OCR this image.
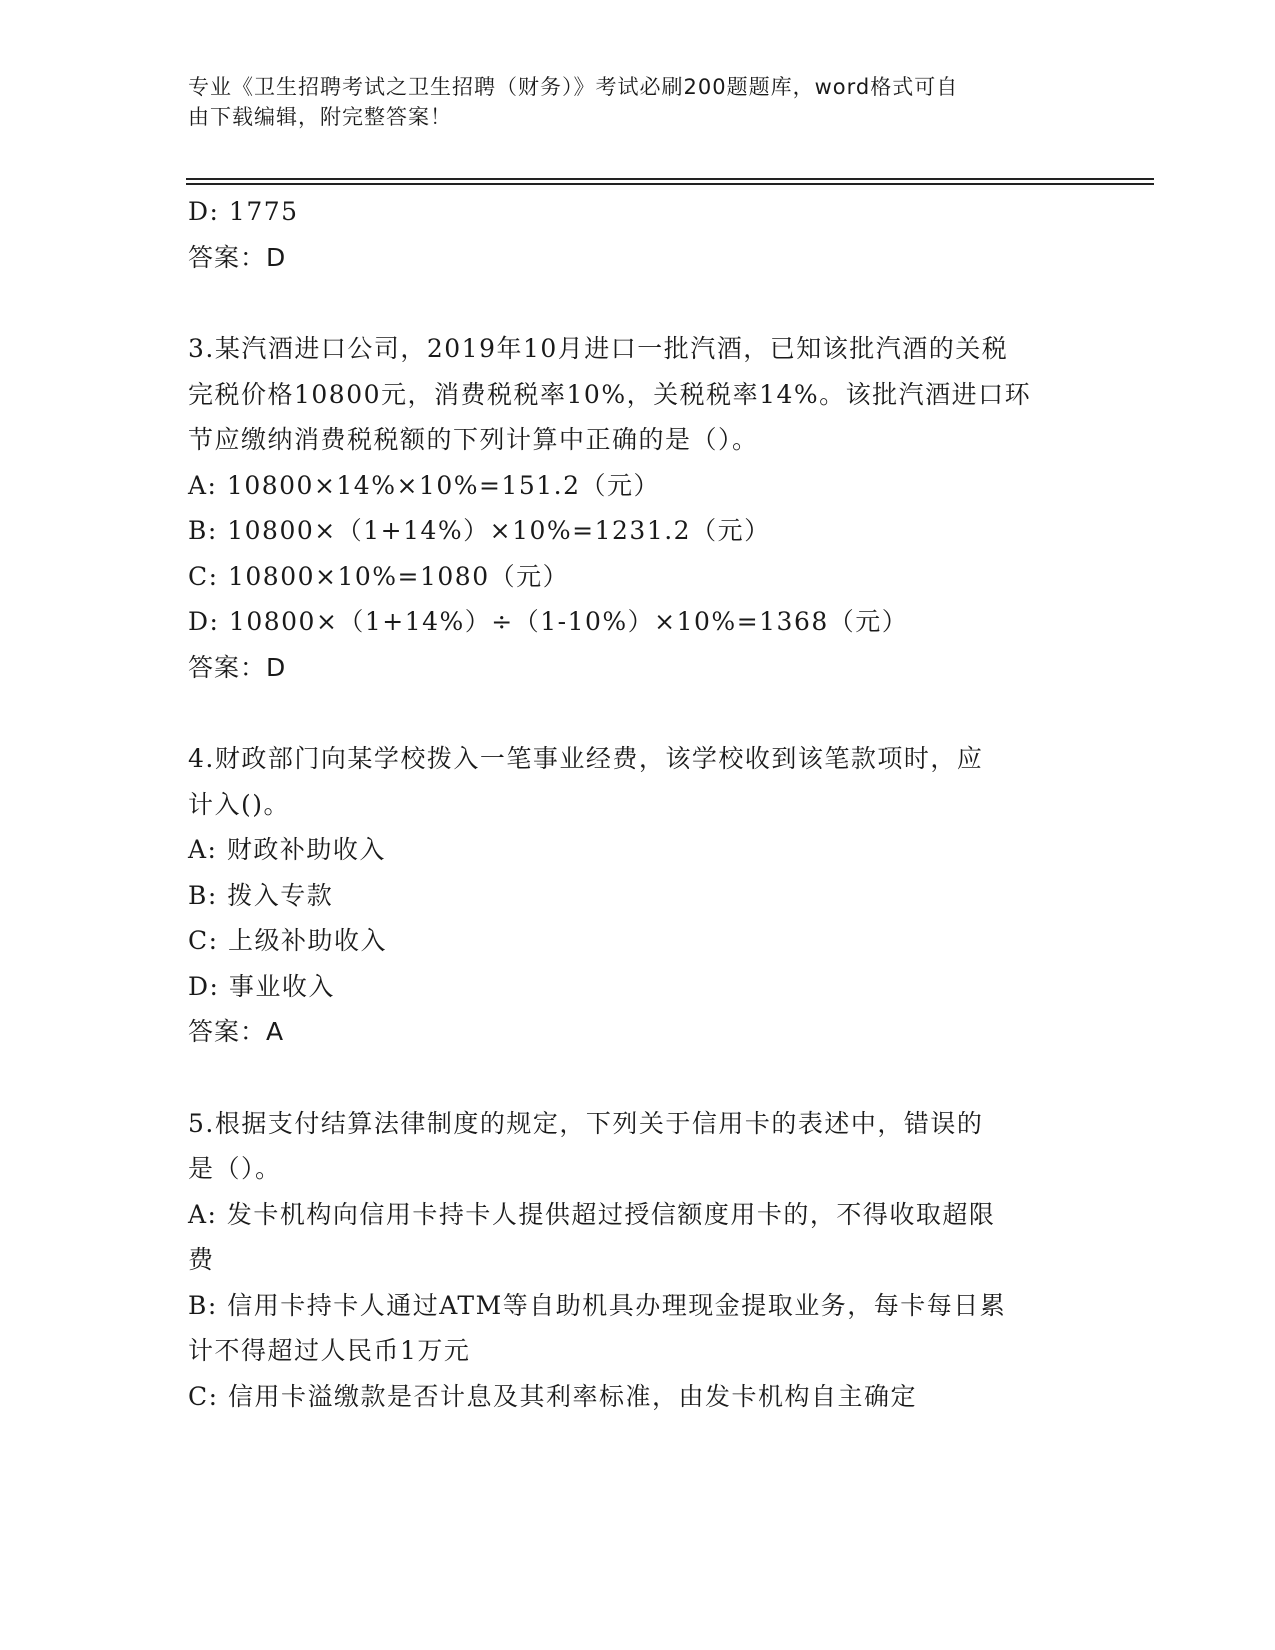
专业《卫生招聘考试之卫生招聘（财务）》考试必刷200题题库，word格式可自
由下载编辑，附完整答案！
D: 1775
答案：D
3.某汽酒进口公司，2019年10月进口一批汽酒，已知该批汽酒的关税
完税价格10800元，消费税税率10%，关税税率14%。该批汽酒进口环
节应缴纳消费税税额的下列计算中正确的是（）。
A: 10800×14%×10%=151.2（元）
B: 10800×（1+14%）×10%=1231.2（元）
C: 10800×10%=1080（元）
D: 10800×（1+14%）÷（1-10%）×10%=1368（元）
答案：D
4.财政部门向某学校拨入一笔事业经费，该学校收到该笔款项时，应
计入()。
A: 财政补助收入
B: 拨入专款
C: 上级补助收入
D: 事业收入
答案：A
5.根据支付结算法律制度的规定，下列关于信用卡的表述中，错误的
是（）。
A: 发卡机构向信用卡持卡人提供超过授信额度用卡的，不得收取超限
费
B: 信用卡持卡人通过ATM等自助机具办理现金提取业务，每卡每日累
计不得超过人民币1万元
C: 信用卡溢缴款是否计息及其利率标准，由发卡机构自主确定
